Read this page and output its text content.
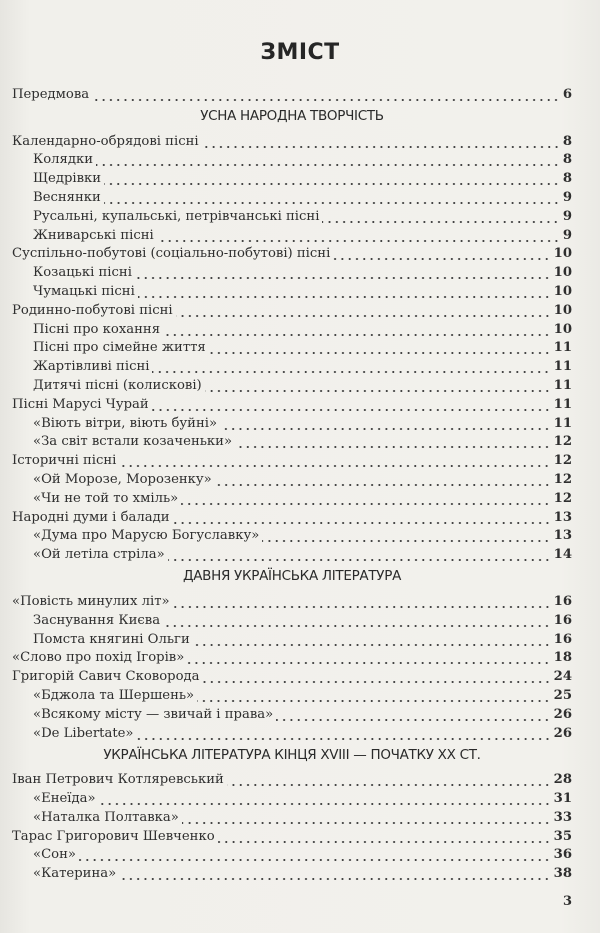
ЗМІСТ
Передмова	6
УСНА НАРОДНА ТВОРЧІСТЬ
Календарно-обрядові пісні	8
Колядки	8
Щедрівки	8
Веснянки	9
Русальні, купальські, петрівчанські пісні	9
Жниварські пісні	9
Суспільно-побутові (соціально-побутові) пісні	10
Козацькі пісні	10
Чумацькі пісні	10
Родинно-побутові пісні	10
Пісні про кохання	10
Пісні про сімейне життя	11
Жартівливі пісні	11
Дитячі пісні (колискові)	11
Пісні Марусі Чурай	11
«Віють вітри, віють буйні»	11
«За світ встали козаченьки»	12
Історичні пісні	12
«Ой Морозе, Морозенку»	12
«Чи не той то хміль»	12
Народні думи і балади	13
«Дума про Марусю Богуславку»	13
«Ой летіла стріла»	14
ДАВНЯ УКРАЇНСЬКА ЛІТЕРАТУРА
«Повість минулих літ»	16
Заснування Києва	16
Помста княгині Ольги	16
«Слово про похід Ігорів»	18
Григорій Савич Сковорода	24
«Бджола та Шершень»	25
«Всякому місту — звичай і права»	26
«De Libertate»	26
УКРАЇНСЬКА ЛІТЕРАТУРА КІНЦЯ XVIII — ПОЧАТКУ XX СТ.
Іван Петрович Котляревський	28
«Енеїда»	31
«Наталка Полтавка»	33
Тарас Григорович Шевченко	35
«Сон»	36
«Катерина»	38
3
